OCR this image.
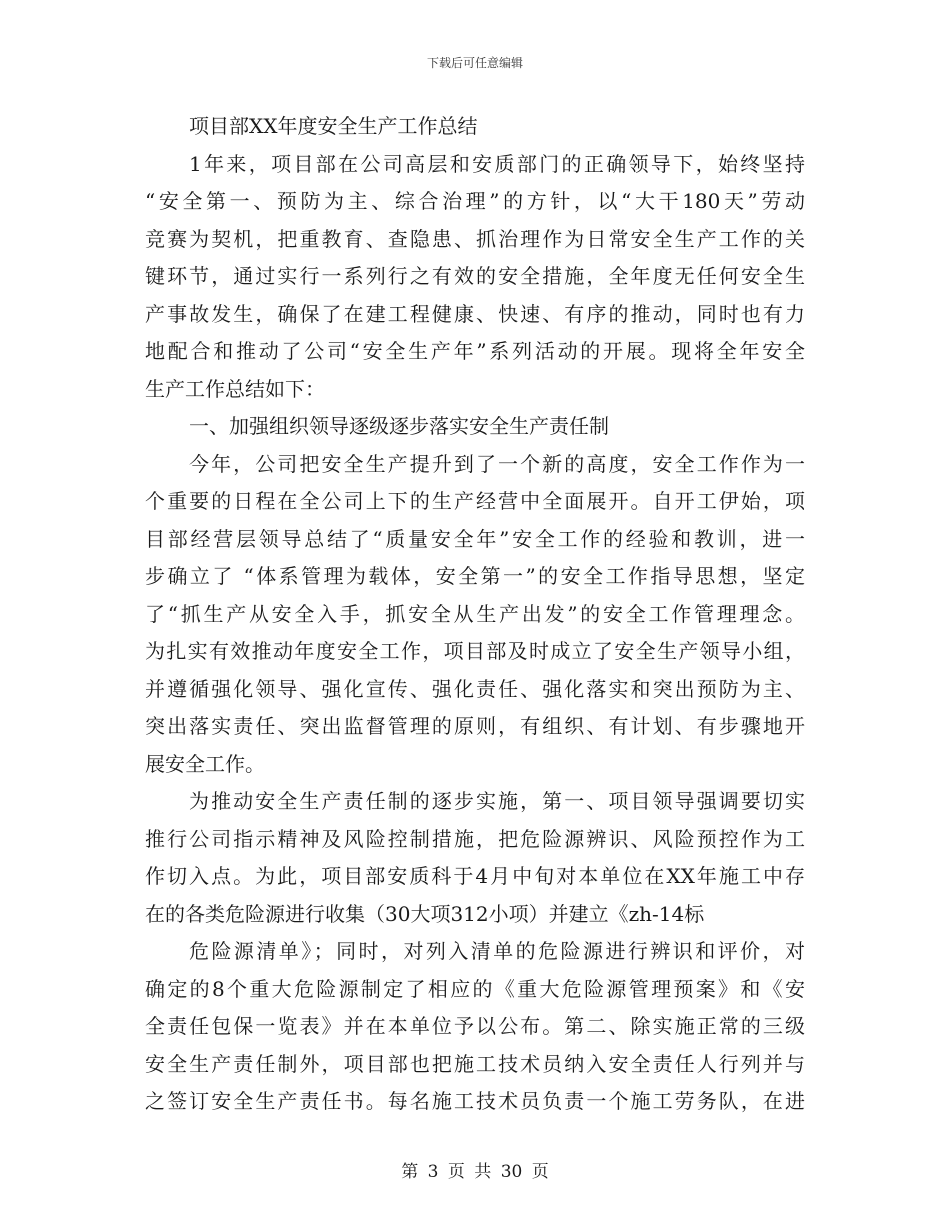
下载后可任意编辑
项目部XX年度安全生产工作总结
1年来，项目部在公司高层和安质部门的正确领导下，始终坚持
“安全第一、预防为主、综合治理”的方针，以“大干180天”劳动
竞赛为契机，把重教育、查隐患、抓治理作为日常安全生产工作的关
键环节，通过实行一系列行之有效的安全措施，全年度无任何安全生
产事故发生，确保了在建工程健康、快速、有序的推动，同时也有力
地配合和推动了公司“安全生产年”系列活动的开展。现将全年安全
生产工作总结如下：
一、加强组织领导逐级逐步落实安全生产责任制
今年，公司把安全生产提升到了一个新的高度，安全工作作为一
个重要的日程在全公司上下的生产经营中全面展开。自开工伊始，项
目部经营层领导总结了“质量安全年”安全工作的经验和教训，进一
步确立了 “体系管理为载体，安全第一”的安全工作指导思想，坚定
了“抓生产从安全入手，抓安全从生产出发”的安全工作管理理念。
为扎实有效推动年度安全工作，项目部及时成立了安全生产领导小组，
并遵循强化领导、强化宣传、强化责任、强化落实和突出预防为主、
突出落实责任、突出监督管理的原则，有组织、有计划、有步骤地开
展安全工作。
为推动安全生产责任制的逐步实施，第一、项目领导强调要切实
推行公司指示精神及风险控制措施，把危险源辨识、风险预控作为工
作切入点。为此，项目部安质科于4月中旬对本单位在XX年施工中存
在的各类危险源进行收集（30大项312小项）并建立《zh-14标
危险源清单》；同时，对列入清单的危险源进行辨识和评价，对
确定的8个重大危险源制定了相应的《重大危险源管理预案》和《安
全责任包保一览表》并在本单位予以公布。第二、除实施正常的三级
安全生产责任制外，项目部也把施工技术员纳入安全责任人行列并与
之签订安全生产责任书。每名施工技术员负责一个施工劳务队，在进
第 3 页 共 30 页
